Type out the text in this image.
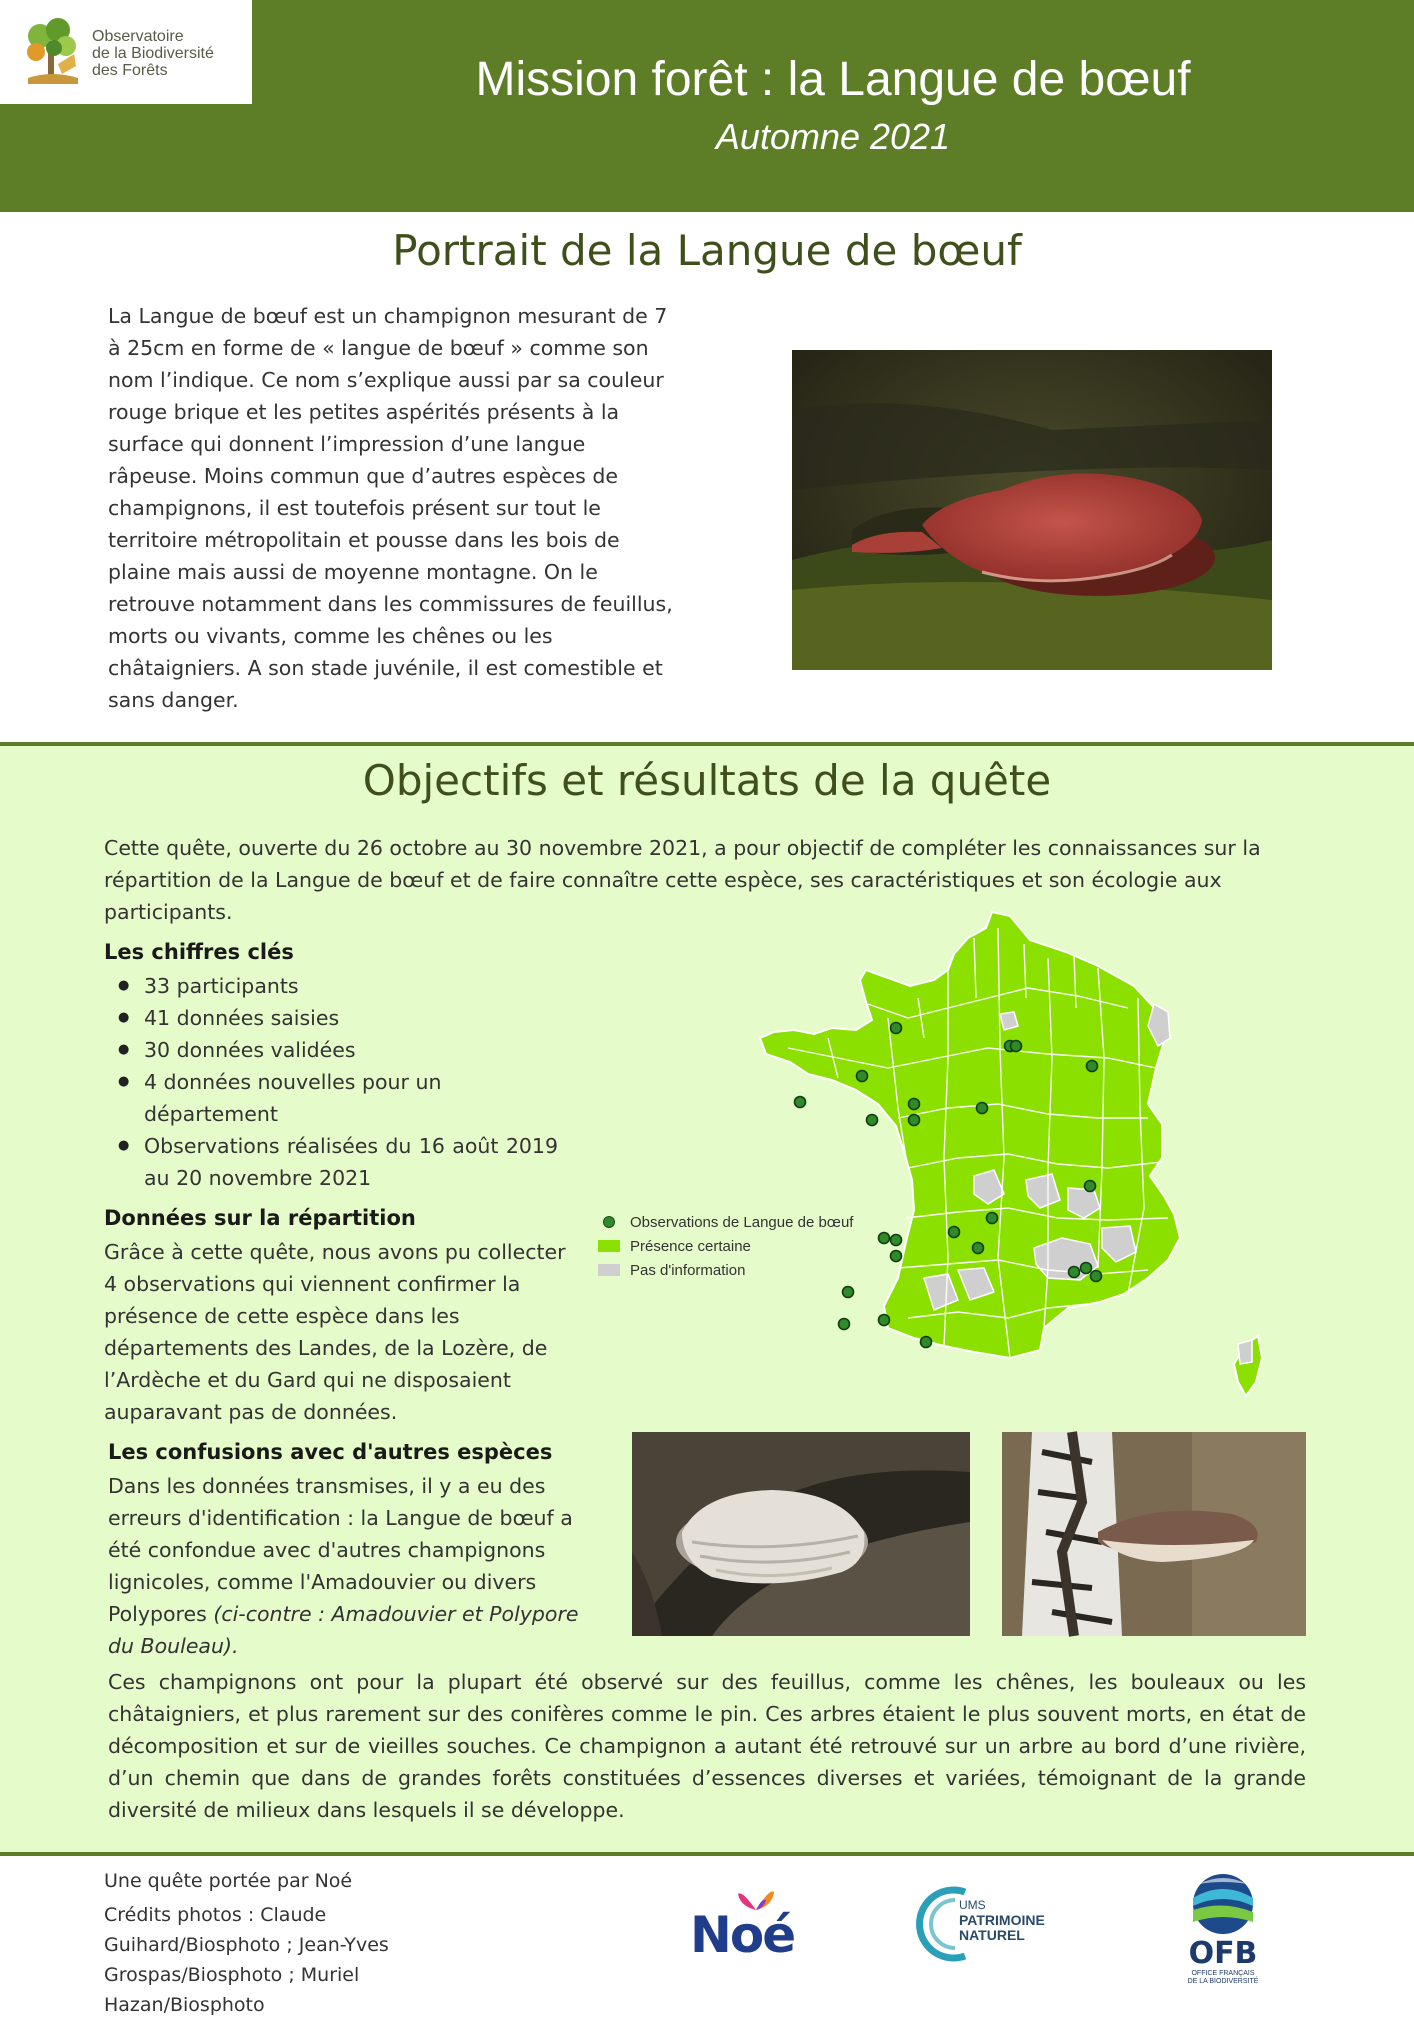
Observatoire
de la Biodiversité
des Forêts	Mission forêt : la Langue de bœuf
Automne 2021
Portrait de la Langue de bœuf

La Langue de bœuf est un champignon mesurant de 7 à 25cm en forme de « langue de bœuf » comme son nom l’indique. Ce nom s’explique aussi par sa couleur rouge brique et les petites aspérités présents à la surface qui donnent l’impression d’une langue râpeuse. Moins commun que d’autres espèces de champignons, il est toutefois présent sur tout le territoire métropolitain et pousse dans les bois de plaine mais aussi de moyenne montagne. On le retrouve notamment dans les commissures de feuillus, morts ou vivants, comme les chênes ou les châtaigniers. A son stade juvénile, il est comestible et sans danger.

Objectifs et résultats de la quête

Cette quête, ouverte du 26 octobre au 30 novembre 2021, a pour objectif de compléter les connaissances sur la répartition de la Langue de bœuf et de faire connaître cette espèce, ses caractéristiques et son écologie aux participants.

Les chiffres clés
● 33 participants
● 41 données saisies
● 30 données validées
● 4 données nouvelles pour un département
● Observations réalisées du 16 août 2019 au 20 novembre 2021
Données sur la répartition

Grâce à cette quête, nous avons pu collecter 4 observations qui viennent confirmer la présence de cette espèce dans les départements des Landes, de la Lozère, de l’Ardèche et du Gard qui ne disposaient auparavant pas de données.

Observations de Langue de bœuf
Présence certaine
Pas d'information
Les confusions avec d'autres espèces

Dans les données transmises, il y a eu des erreurs d'identification : la Langue de bœuf a été confondue avec d'autres champignons lignicoles, comme l'Amadouvier ou divers Polypores (ci-contre : Amadouvier et Polypore du Bouleau).

Ces champignons ont pour la plupart été observé sur des feuillus, comme les chênes, les bouleaux ou les châtaigniers, et plus rarement sur des conifères comme le pin. Ces arbres étaient le plus souvent morts, en état de décomposition et sur de vieilles souches. Ce champignon a autant été retrouvé sur un arbre au bord d’une rivière, d’un chemin que dans de grandes forêts constituées d’essences diverses et variées, témoignant de la grande diversité de milieux dans lesquels il se développe.

Une quête portée par Noé

Crédits photos : Claude Guihard/Biosphoto ; Jean-Yves Grospas/Biosphoto ; Muriel Hazan/Biosphoto

Noé
UMS
PATRIMOINE
NATUREL
OFB
OFFICE FRANÇAIS
DE LA BIODIVERSITÉ
